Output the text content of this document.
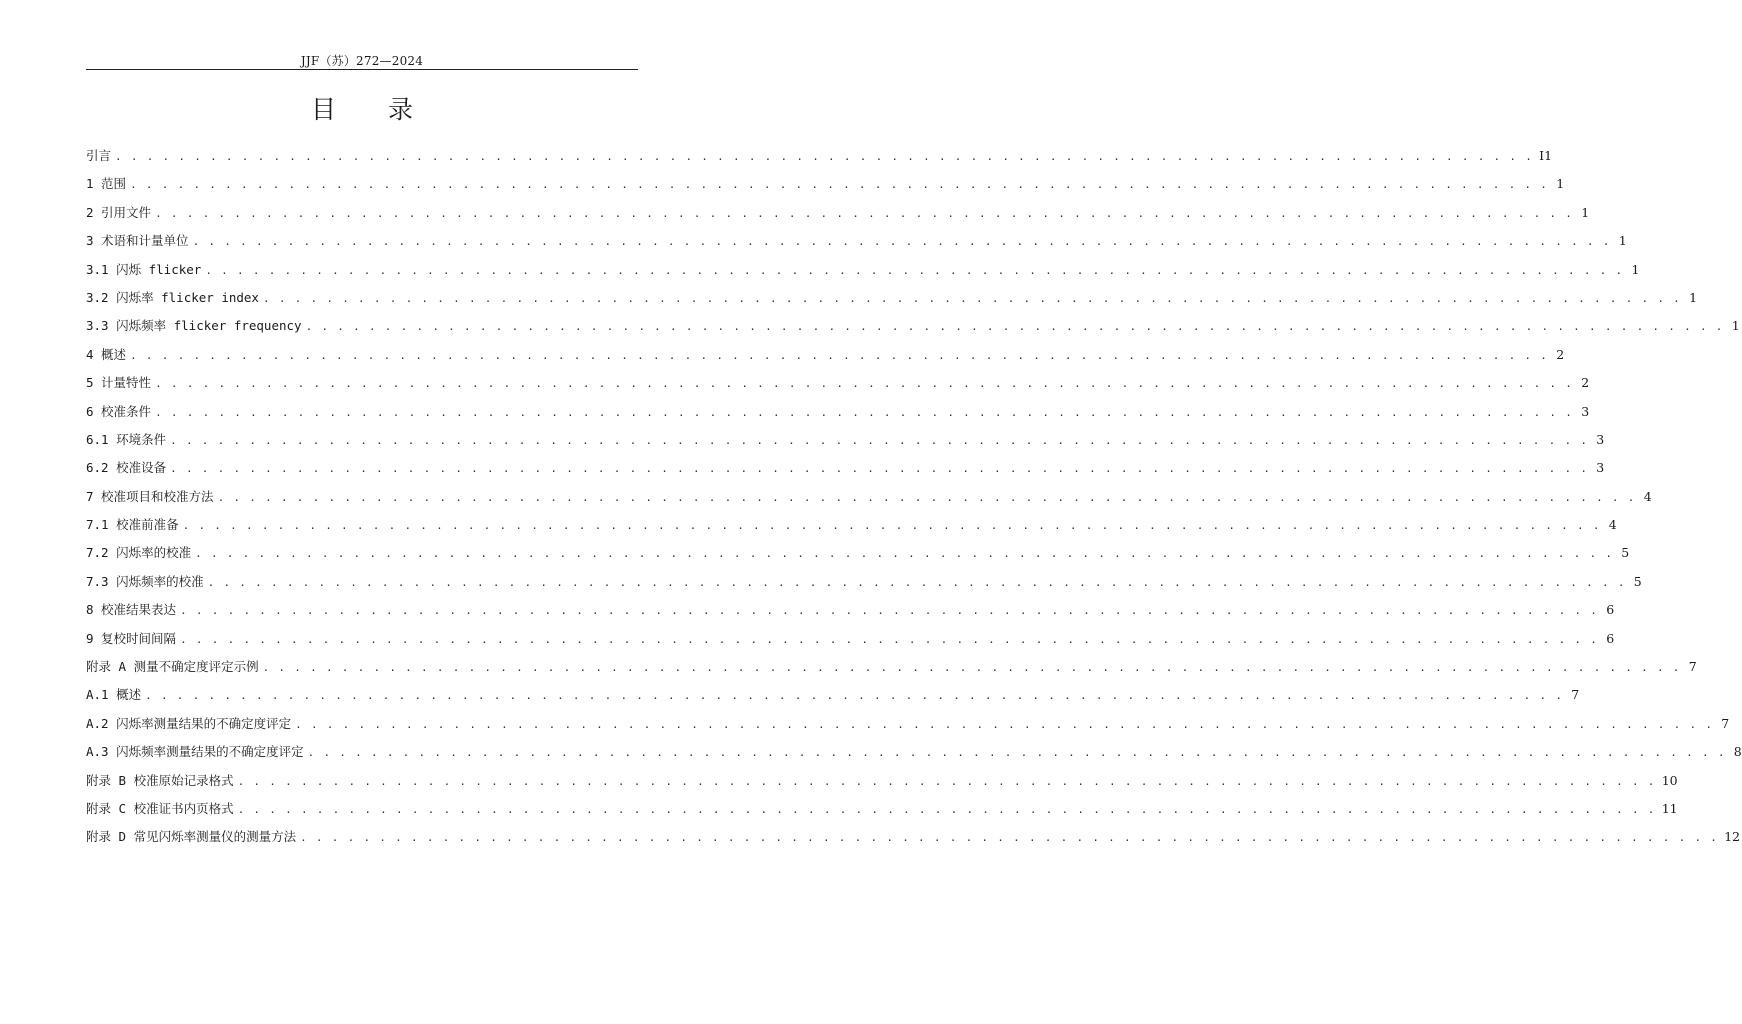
JJF（苏）272—2024
目 录
引言 . . . . . . . . . . . . . . . . . . . . . . . . . . . . . . . . . . . . . . . . . . . . . . . . . . . . . . . . . . . . . . . . . . . . . . . . . . . . . . . . . . . . . . . . . . I1
1 范围 . . . . . . . . . . . . . . . . . . . . . . . . . . . . . . . . . . . . . . . . . . . . . . . . . . . . . . . . . . . . . . . . . . . . . . . . . . . . . . . . . . . . . . . . . . 1
2 引用文件 . . . . . . . . . . . . . . . . . . . . . . . . . . . . . . . . . . . . . . . . . . . . . . . . . . . . . . . . . . . . . . . . . . . . . . . . . . . . . . . . . . . . . . . . . . 1
3 术语和计量单位 . . . . . . . . . . . . . . . . . . . . . . . . . . . . . . . . . . . . . . . . . . . . . . . . . . . . . . . . . . . . . . . . . . . . . . . . . . . . . . . . . . . . . . . . . . 1
3.1 闪烁 flicker . . . . . . . . . . . . . . . . . . . . . . . . . . . . . . . . . . . . . . . . . . . . . . . . . . . . . . . . . . . . . . . . . . . . . . . . . . . . . . . . . . . . . . . . . . 1
3.2 闪烁率 flicker index . . . . . . . . . . . . . . . . . . . . . . . . . . . . . . . . . . . . . . . . . . . . . . . . . . . . . . . . . . . . . . . . . . . . . . . . . . . . . . . . . . . . . . . . . . 1
3.3 闪烁频率 flicker frequency . . . . . . . . . . . . . . . . . . . . . . . . . . . . . . . . . . . . . . . . . . . . . . . . . . . . . . . . . . . . . . . . . . . . . . . . . . . . . . . . . . . . . . . . . . 1
4 概述 . . . . . . . . . . . . . . . . . . . . . . . . . . . . . . . . . . . . . . . . . . . . . . . . . . . . . . . . . . . . . . . . . . . . . . . . . . . . . . . . . . . . . . . . . . 2
5 计量特性 . . . . . . . . . . . . . . . . . . . . . . . . . . . . . . . . . . . . . . . . . . . . . . . . . . . . . . . . . . . . . . . . . . . . . . . . . . . . . . . . . . . . . . . . . . 2
6 校准条件 . . . . . . . . . . . . . . . . . . . . . . . . . . . . . . . . . . . . . . . . . . . . . . . . . . . . . . . . . . . . . . . . . . . . . . . . . . . . . . . . . . . . . . . . . . 3
6.1 环境条件 . . . . . . . . . . . . . . . . . . . . . . . . . . . . . . . . . . . . . . . . . . . . . . . . . . . . . . . . . . . . . . . . . . . . . . . . . . . . . . . . . . . . . . . . . . 3
6.2 校准设备 . . . . . . . . . . . . . . . . . . . . . . . . . . . . . . . . . . . . . . . . . . . . . . . . . . . . . . . . . . . . . . . . . . . . . . . . . . . . . . . . . . . . . . . . . . 3
7 校准项目和校准方法 . . . . . . . . . . . . . . . . . . . . . . . . . . . . . . . . . . . . . . . . . . . . . . . . . . . . . . . . . . . . . . . . . . . . . . . . . . . . . . . . . . . . . . . . . . 4
7.1 校准前准备 . . . . . . . . . . . . . . . . . . . . . . . . . . . . . . . . . . . . . . . . . . . . . . . . . . . . . . . . . . . . . . . . . . . . . . . . . . . . . . . . . . . . . . . . . . 4
7.2 闪烁率的校准 . . . . . . . . . . . . . . . . . . . . . . . . . . . . . . . . . . . . . . . . . . . . . . . . . . . . . . . . . . . . . . . . . . . . . . . . . . . . . . . . . . . . . . . . . . 5
7.3 闪烁频率的校准 . . . . . . . . . . . . . . . . . . . . . . . . . . . . . . . . . . . . . . . . . . . . . . . . . . . . . . . . . . . . . . . . . . . . . . . . . . . . . . . . . . . . . . . . . . 5
8 校准结果表达 . . . . . . . . . . . . . . . . . . . . . . . . . . . . . . . . . . . . . . . . . . . . . . . . . . . . . . . . . . . . . . . . . . . . . . . . . . . . . . . . . . . . . . . . . . 6
9 复校时间间隔 . . . . . . . . . . . . . . . . . . . . . . . . . . . . . . . . . . . . . . . . . . . . . . . . . . . . . . . . . . . . . . . . . . . . . . . . . . . . . . . . . . . . . . . . . . 6
附录 A 测量不确定度评定示例 . . . . . . . . . . . . . . . . . . . . . . . . . . . . . . . . . . . . . . . . . . . . . . . . . . . . . . . . . . . . . . . . . . . . . . . . . . . . . . . . . . . . . . . . . . 7
A.1 概述 . . . . . . . . . . . . . . . . . . . . . . . . . . . . . . . . . . . . . . . . . . . . . . . . . . . . . . . . . . . . . . . . . . . . . . . . . . . . . . . . . . . . . . . . . . 7
A.2 闪烁率测量结果的不确定度评定 . . . . . . . . . . . . . . . . . . . . . . . . . . . . . . . . . . . . . . . . . . . . . . . . . . . . . . . . . . . . . . . . . . . . . . . . . . . . . . . . . . . . . . . . . . 7
A.3 闪烁频率测量结果的不确定度评定 . . . . . . . . . . . . . . . . . . . . . . . . . . . . . . . . . . . . . . . . . . . . . . . . . . . . . . . . . . . . . . . . . . . . . . . . . . . . . . . . . . . . . . . . . . 8
附录 B 校准原始记录格式 . . . . . . . . . . . . . . . . . . . . . . . . . . . . . . . . . . . . . . . . . . . . . . . . . . . . . . . . . . . . . . . . . . . . . . . . . . . . . . . . . . . . . . . . . . 10
附录 C 校准证书内页格式 . . . . . . . . . . . . . . . . . . . . . . . . . . . . . . . . . . . . . . . . . . . . . . . . . . . . . . . . . . . . . . . . . . . . . . . . . . . . . . . . . . . . . . . . . . 11
附录 D 常见闪烁率测量仪的测量方法 . . . . . . . . . . . . . . . . . . . . . . . . . . . . . . . . . . . . . . . . . . . . . . . . . . . . . . . . . . . . . . . . . . . . . . . . . . . . . . . . . . . . . . . . . . 12
